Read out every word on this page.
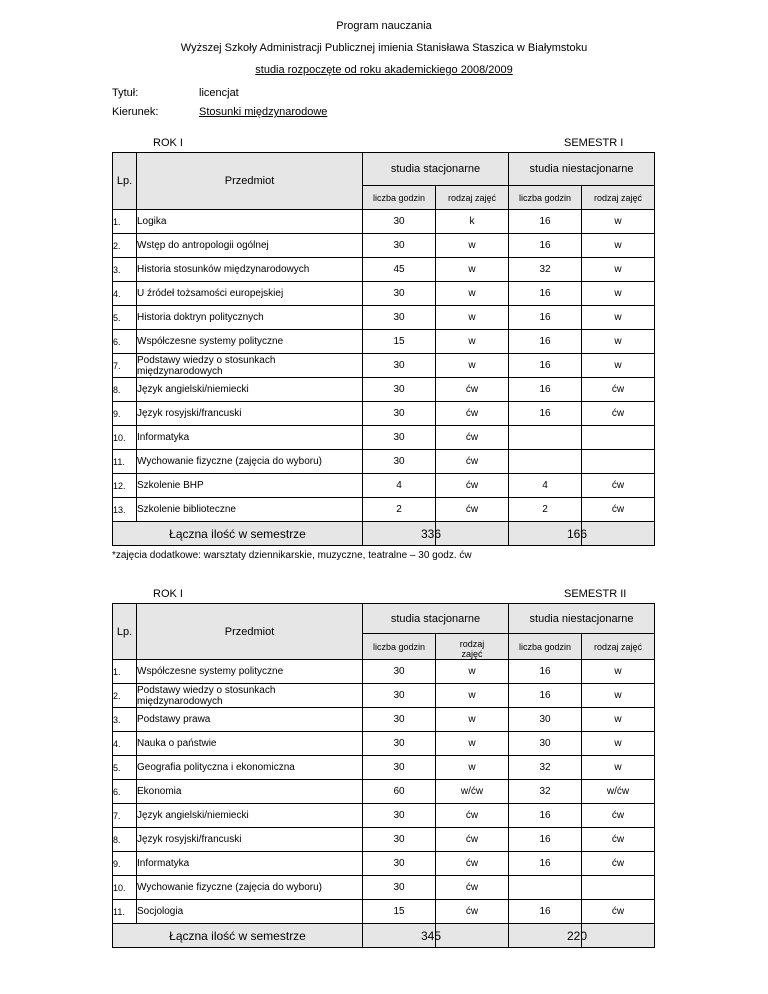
Program nauczania
Wyższej Szkoły Administracji Publicznej imienia Stanisława Staszica w Białymstoku
studia rozpoczęte od roku akademickiego 2008/2009
Tytuł:	licencjat
Kierunek:	Stosunki międzynarodowe
ROK I	SEMESTR I
Lp.	Przedmiot	studia stacjonarne		studia niestacjonarne	
		liczba godzin	rodzaj zajęć	liczba godzin	rodzaj zajęć
1.	Logika	30	k	16	w
2.	Wstęp do antropologii ogólnej	30	w	16	w
3.	Historia stosunków międzynarodowych	45	w	32	w
4.	U źródeł tożsamości europejskiej	30	w	16	w
5.	Historia doktryn politycznych	30	w	16	w
6.	Współczesne systemy polityczne	15	w	16	w
7.	Podstawy wiedzy o stosunkach międzynarodowych	30	w	16	w
8.	Język angielski/niemiecki	30	ćw	16	ćw
9.	Język rosyjski/francuski	30	ćw	16	ćw
10.	Informatyka	30	ćw		
11.	Wychowanie fizyczne (zajęcia do wyboru)	30	ćw		
12.	Szkolenie BHP	4	ćw	4	ćw
13.	Szkolenie biblioteczne	2	ćw	2	ćw
Łączna ilość w semestrze		336		166	

*zajęcia dodatkowe: warsztaty dziennikarskie, muzyczne, teatralne – 30 godz. ćw
ROK I	SEMESTR II
Lp.	Przedmiot	studia stacjonarne		studia niestacjonarne	
		liczba godzin	rodzaj zajęć	liczba godzin	rodzaj zajęć
1.	Współczesne systemy polityczne	30	w	16	w
2.	Podstawy wiedzy o stosunkach międzynarodowych	30	w	16	w
3.	Podstawy prawa	30	w	30	w
4.	Nauka o państwie	30	w	30	w
5.	Geografia polityczna i ekonomiczna	30	w	32	w
6.	Ekonomia	60	w/ćw	32	w/ćw
7.	Język angielski/niemiecki	30	ćw	16	ćw
8.	Język rosyjski/francuski	30	ćw	16	ćw
9.	Informatyka	30	ćw	16	ćw
10.	Wychowanie fizyczne (zajęcia do wyboru)	30	ćw		
11.	Socjologia	15	ćw	16	ćw
Łączna ilość w semestrze		345		220	
